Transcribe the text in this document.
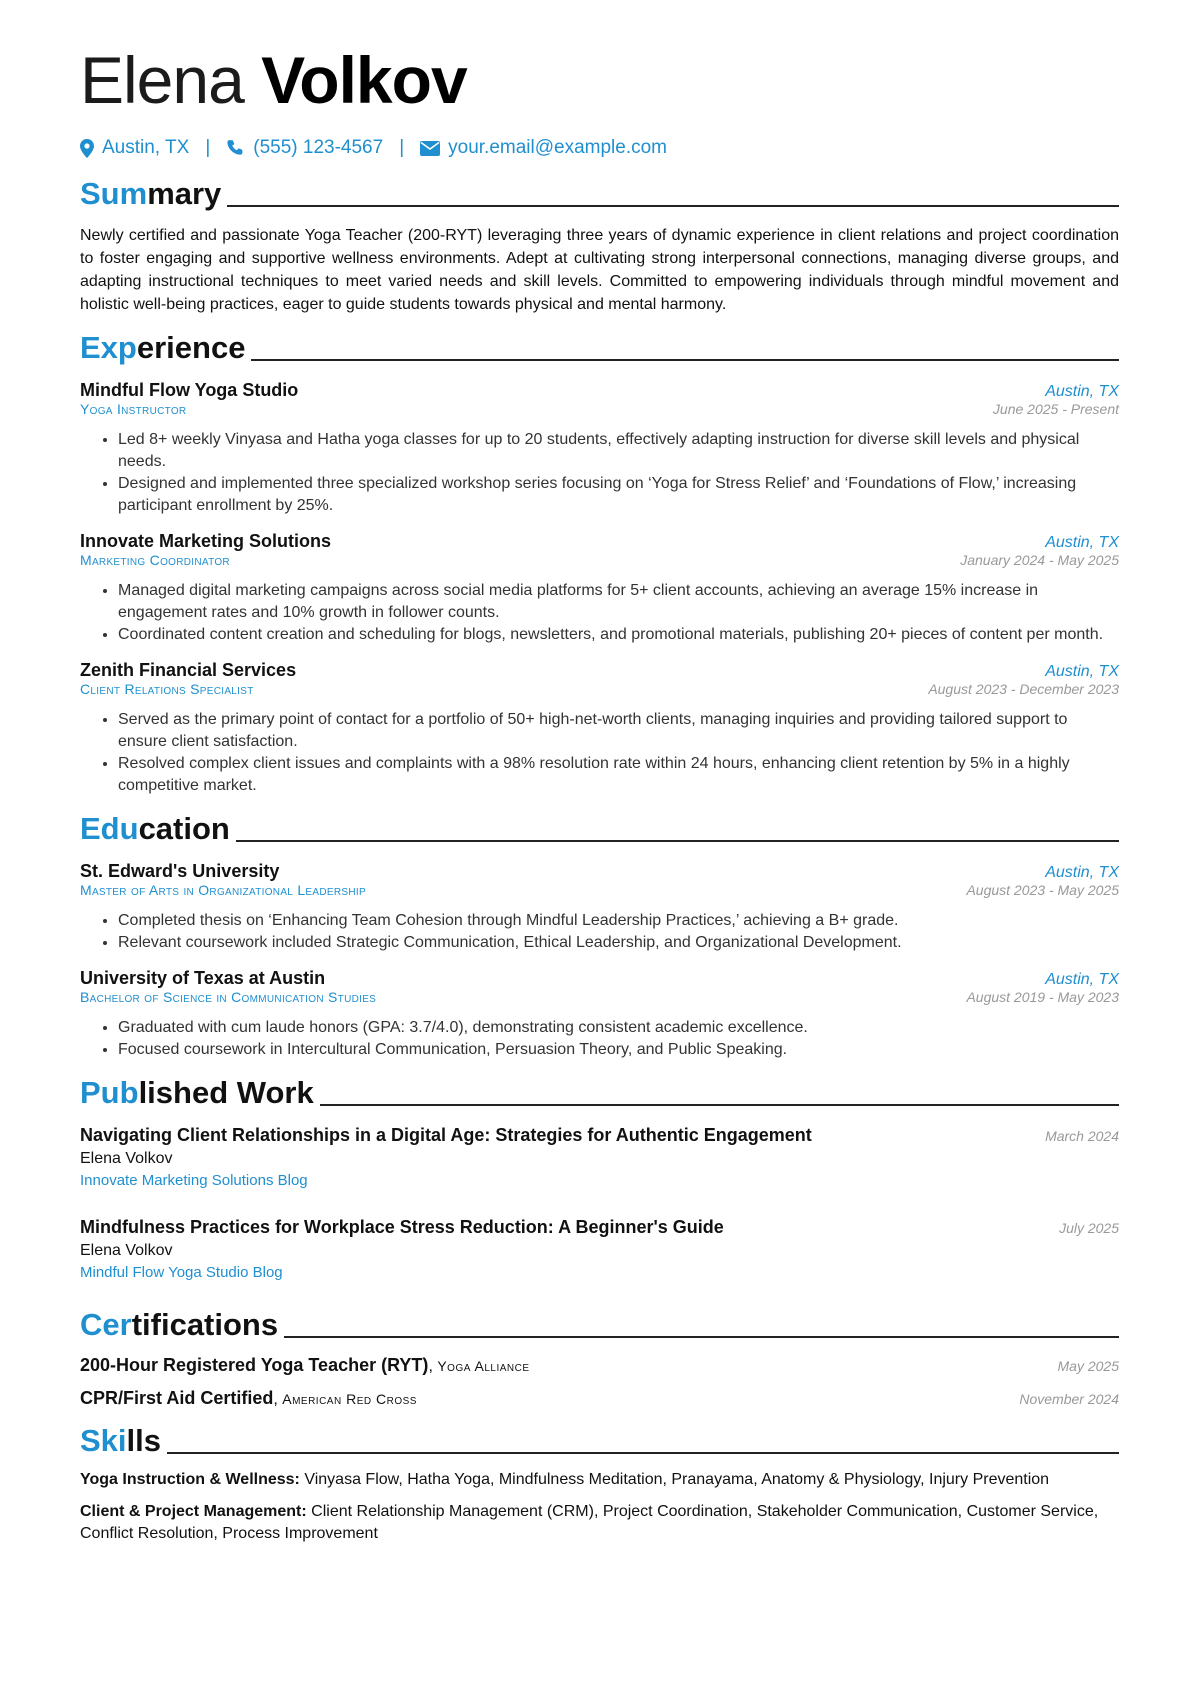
Elena Volkov
Austin, TX | (555) 123-4567 | your.email@example.com
Summary
Newly certified and passionate Yoga Teacher (200-RYT) leveraging three years of dynamic experience in client relations and project coordination to foster engaging and supportive wellness environments. Adept at cultivating strong interpersonal connections, managing diverse groups, and adapting instructional techniques to meet varied needs and skill levels. Committed to empowering individuals through mindful movement and holistic well-being practices, eager to guide students towards physical and mental harmony.
Experience
Mindful Flow Yoga Studio	Austin, TX
Yoga Instructor	June 2025 - Present
• Led 8+ weekly Vinyasa and Hatha yoga classes for up to 20 students, effectively adapting instruction for diverse skill levels and physical needs.
• Designed and implemented three specialized workshop series focusing on ‘Yoga for Stress Relief’ and ‘Foundations of Flow,’ increasing participant enrollment by 25%.
Innovate Marketing Solutions	Austin, TX
Marketing Coordinator	January 2024 - May 2025
• Managed digital marketing campaigns across social media platforms for 5+ client accounts, achieving an average 15% increase in engagement rates and 10% growth in follower counts.
• Coordinated content creation and scheduling for blogs, newsletters, and promotional materials, publishing 20+ pieces of content per month.
Zenith Financial Services	Austin, TX
Client Relations Specialist	August 2023 - December 2023
• Served as the primary point of contact for a portfolio of 50+ high-net-worth clients, managing inquiries and providing tailored support to ensure client satisfaction.
• Resolved complex client issues and complaints with a 98% resolution rate within 24 hours, enhancing client retention by 5% in a highly competitive market.
Education
St. Edward's University	Austin, TX
Master of Arts in Organizational Leadership	August 2023 - May 2025
• Completed thesis on ‘Enhancing Team Cohesion through Mindful Leadership Practices,’ achieving a B+ grade.
• Relevant coursework included Strategic Communication, Ethical Leadership, and Organizational Development.
University of Texas at Austin	Austin, TX
Bachelor of Science in Communication Studies	August 2019 - May 2023
• Graduated with cum laude honors (GPA: 3.7/4.0), demonstrating consistent academic excellence.
• Focused coursework in Intercultural Communication, Persuasion Theory, and Public Speaking.
Published Work
Navigating Client Relationships in a Digital Age: Strategies for Authentic Engagement	March 2024
Elena Volkov
Innovate Marketing Solutions Blog
Mindfulness Practices for Workplace Stress Reduction: A Beginner's Guide	July 2025
Elena Volkov
Mindful Flow Yoga Studio Blog
Certifications
200-Hour Registered Yoga Teacher (RYT), Yoga Alliance	May 2025
CPR/First Aid Certified, American Red Cross	November 2024
Skills
Yoga Instruction & Wellness: Vinyasa Flow, Hatha Yoga, Mindfulness Meditation, Pranayama, Anatomy & Physiology, Injury Prevention
Client & Project Management: Client Relationship Management (CRM), Project Coordination, Stakeholder Communication, Customer Service, Conflict Resolution, Process Improvement
